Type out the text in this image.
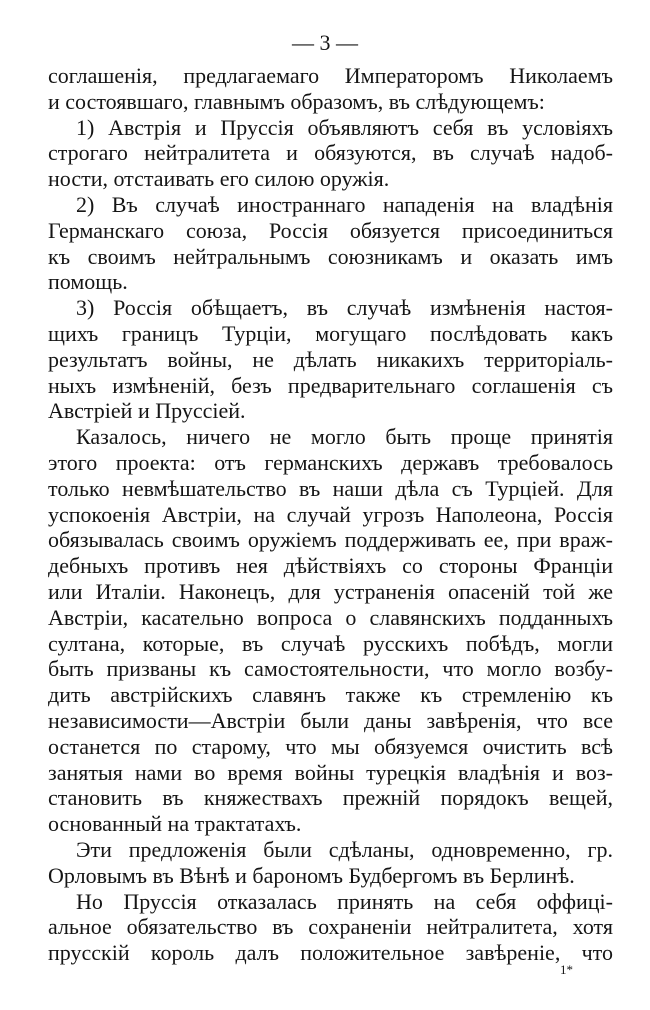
— 3 —
соглашенія, предлагаемаго Императоромъ Николаемъ
и состоявшаго, главнымъ образомъ, въ слѣдующемъ:
1) Австрія и Пруссія объявляютъ себя въ условіяхъ
строгаго нейтралитета и обязуются, въ случаѣ надоб-
ности, отстаивать его силою оружія.
2) Въ случаѣ иностраннаго нападенія на владѣнія
Германскаго союза, Россія обязуется присоединиться
къ своимъ нейтральнымъ союзникамъ и оказать имъ
помощь.
3) Россія обѣщаетъ, въ случаѣ измѣненія настоя-
щихъ границъ Турціи, могущаго послѣдовать какъ
результатъ войны, не дѣлать никакихъ территоріаль-
ныхъ измѣненій, безъ предварительнаго соглашенія съ
Австріей и Пруссіей.
Казалось, ничего не могло быть проще принятія
этого проекта: отъ германскихъ державъ требовалось
только невмѣшательство въ наши дѣла съ Турціей. Для
успокоенія Австріи, на случай угрозъ Наполеона, Россія
обязывалась своимъ оружіемъ поддерживать ее, при враж-
дебныхъ противъ нея дѣйствіяхъ со стороны Франціи
или Италіи. Наконецъ, для устраненія опасеній той же
Австріи, касательно вопроса о славянскихъ подданныхъ
султана, которые, въ случаѣ русскихъ побѣдъ, могли
быть призваны къ самостоятельности, что могло возбу-
дить австрійскихъ славянъ также къ стремленію къ
независимости—Австріи были даны завѣренія, что все
останется по старому, что мы обязуемся очистить всѣ
занятыя нами во время войны турецкія владѣнія и воз-
становить въ княжествахъ прежній порядокъ вещей,
основанный на трактатахъ.
Эти предложенія были сдѣланы, одновременно, гр.
Орловымъ въ Вѣнѣ и барономъ Будбергомъ въ Берлинѣ.
Но Пруссія отказалась принять на себя оффиці-
альное обязательство въ сохраненіи нейтралитета, хотя
прусскій король далъ положительное завѣреніе, что
1*
